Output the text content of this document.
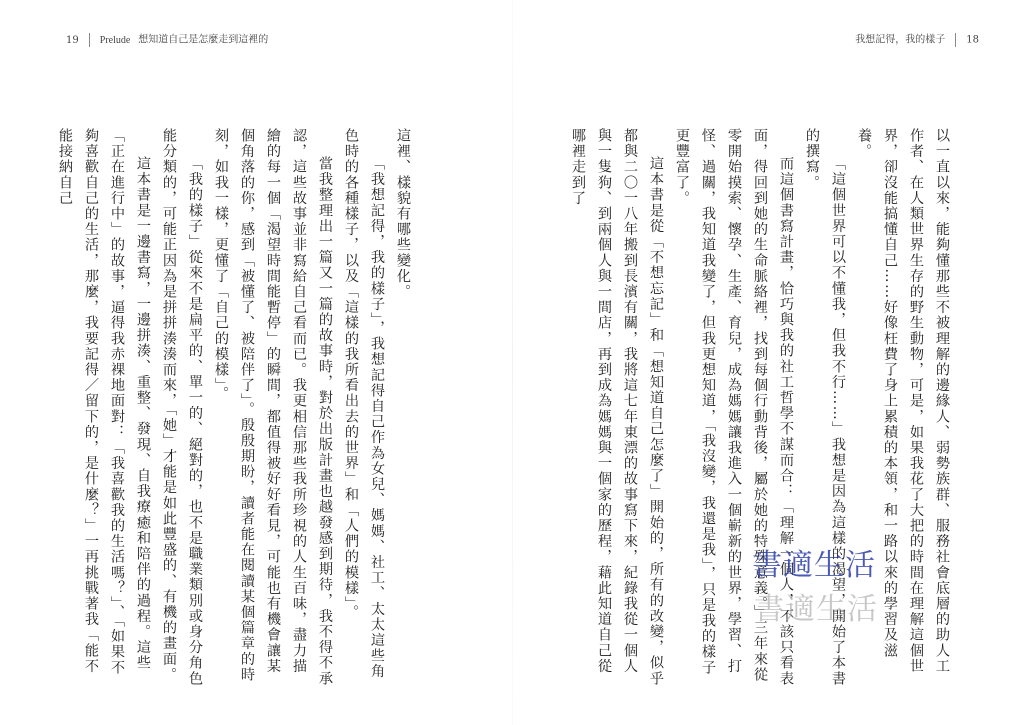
19 Prelude 想知道自己是怎麼走到這裡的

這裡、樣貌有哪些變化。

「我想記得，我的樣子」，我想記得自己作為女兒、媽媽、社工、太太這些角色時的各種樣子，以及「這樣的我所看出去的世界」和「人們的模樣」。

當我整理出一篇又一篇的故事時，對於出版計畫也越發感到期待，我不得不承認，這些故事並非寫給自己看而已。我更相信那些我所珍視的人生百味，盡力描繪的每一個「渴望時間能暫停」的瞬間，都值得被好好看見，可能也有機會讓某個角落的你，感到「被懂了、被陪伴了」。殷殷期盼，讀者能在閱讀某個篇章的時刻，如我一樣，更懂了「自己的模樣」。

「我的樣子」從來不是扁平的、單一的、絕對的，也不是職業類別或身分角色能分類的，可能正因為是拼拼湊湊而來，「她」才能是如此豐盛的、有機的畫面。

這本書是一邊書寫，一邊拼湊、重整、發現、自我療癒和陪伴的過程。這些「正在進行中」的故事，逼得我赤裸地面對：「我喜歡我的生活嗎？」、「如果不夠喜歡自己的生活，那麼，我要記得／留下的，是什麼？」一再挑戰著我「能不能接納自己

我想記得，我的樣子 18

以一直以來，能夠懂那些不被理解的邊緣人、弱勢族群、服務社會底層的助人工作者、在人類世界生存的野生動物，可是，如果我花了大把的時間在理解這個世界，卻沒能搞懂自己……好像枉費了身上累積的本領，和一路以來的學習及滋養。

「這個世界可以不懂我，但我不行……」我想是因為這樣的渴望，開始了本書的撰寫。

而這個書寫計畫，恰巧與我的社工哲學不謀而合：「理解一個人，不該只看表面，得回到她的生命脈絡裡，找到每個行動背後，屬於她的特殊意義。」三年來從零開始摸索、懷孕、生產、育兒，成為媽媽讓我進入一個嶄新的世界，學習、打怪、過關，我知道我變了，但我更想知道，「我沒變，我還是我」，只是我的樣子更豐富了。

這本書是從「不想忘記」和「想知道自己怎麼了」開始的，所有的改變，似乎都與二〇一八年搬到長濱有關，我將這七年東漂的故事寫下來，紀錄我從一個人與一隻狗、到兩個人與一間店，再到成為媽媽與一個家的歷程，藉此知道自己從哪裡走到了

書適生活
書適生活
